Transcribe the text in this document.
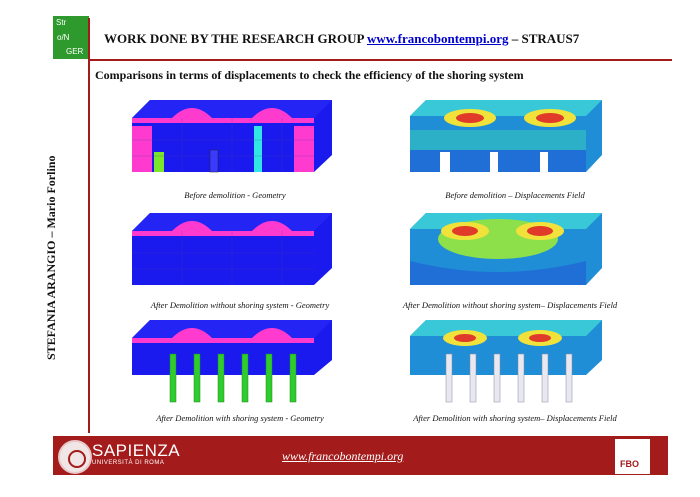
Str
o/N
GER
WORK DONE BY THE RESEARCH GROUP www.francobontempi.org – STRAUS7
Comparisons in terms of displacements to check the efficiency of the shoring system
STEFANIA ARANGIO – Mario Forlino	Before demolition - Geometry	Before demolition – Displacements Field
After Demolition without shoring system - Geometry	After Demolition without shoring system– Displacements Field
After Demolition with shoring system - Geometry	After Demolition with shoring system– Displacements Field
SAPIENZA
UNIVERSITÀ DI ROMA	www.francobontempi.org
FBO
